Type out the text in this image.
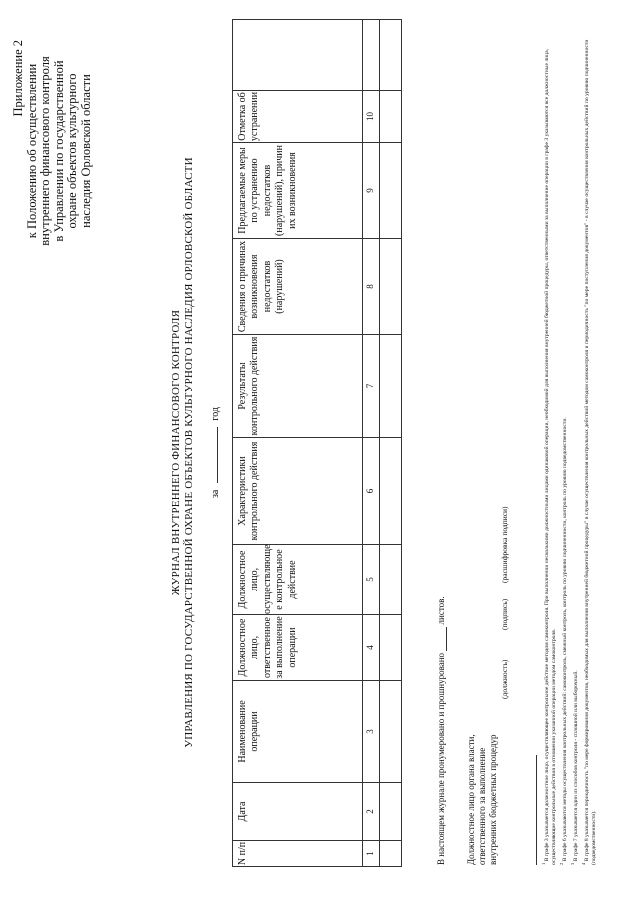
Приложение 2 к Положению об осуществлении внутреннего финансового контроля в Управлении по государственной охране объектов культурного наследия Орловской области
ЖУРНАЛ ВНУТРЕННЕГО ФИНАНСОВОГО КОНТРОЛЯ УПРАВЛЕНИЯ ПО ГОСУДАРСТВЕННОЙ ОХРАНЕ ОБЪЕКТОВ КУЛЬТУРНОГО НАСЛЕДИЯ ОРЛОВСКОЙ ОБЛАСТИ за  год
N п/п	Дата	Наименование операции	Должностное лицо, ответственное за выполнение операции	Должностное лицо, осуществляюще е контрольное действие	Характеристики контрольного действия	Результаты контрольного действия	Сведения о причинах возникновения недостатков (нарушений)	Предлагаемые меры по устранению недостатков (нарушений), причин их возникновения	Отметка об устранении	
1	2	3	4	5	6	7	8	9	10	

В настоящем журнале пронумеровано и прошнуровано  листов.
Должностное лицо органа власти, ответственного за выполнение внутренних бюджетных процедур
(должность)
(подпись)
(расшифровка подписи)

$^1$ В графе 3 указывается должностное лицо, осуществляющее контрольное действие методом самоконтроля. При выполнении несколькими должностными лицами одинаковой операции, необходимой для выполнения внутренней бюджетной процедуры, ответственными за выполнение операции в графе 3 указываются все должностные лица, осуществляющие контрольные действия в отношении указанной операции методом самоконтроля. $^2$ В графе 6 указываются методы осуществления контрольных действий: самоконтроль, смежный контроль, контроль по уровню подчиненности, контроль по уровню подведомственности.

$^3$ В графе 7 указывается один из способов контроля - сплошной или выборочный.

$^4$ В графе 8 указывается периодичность "по мере формирования документов, необходимых для выполнения внутренней бюджетной процедуры" в случае осуществления контрольных действий методом самоконтроля и периодичность "по мере поступления документов" - в случае осуществления контрольных действий по уровню подчиненности (подведомственности).
